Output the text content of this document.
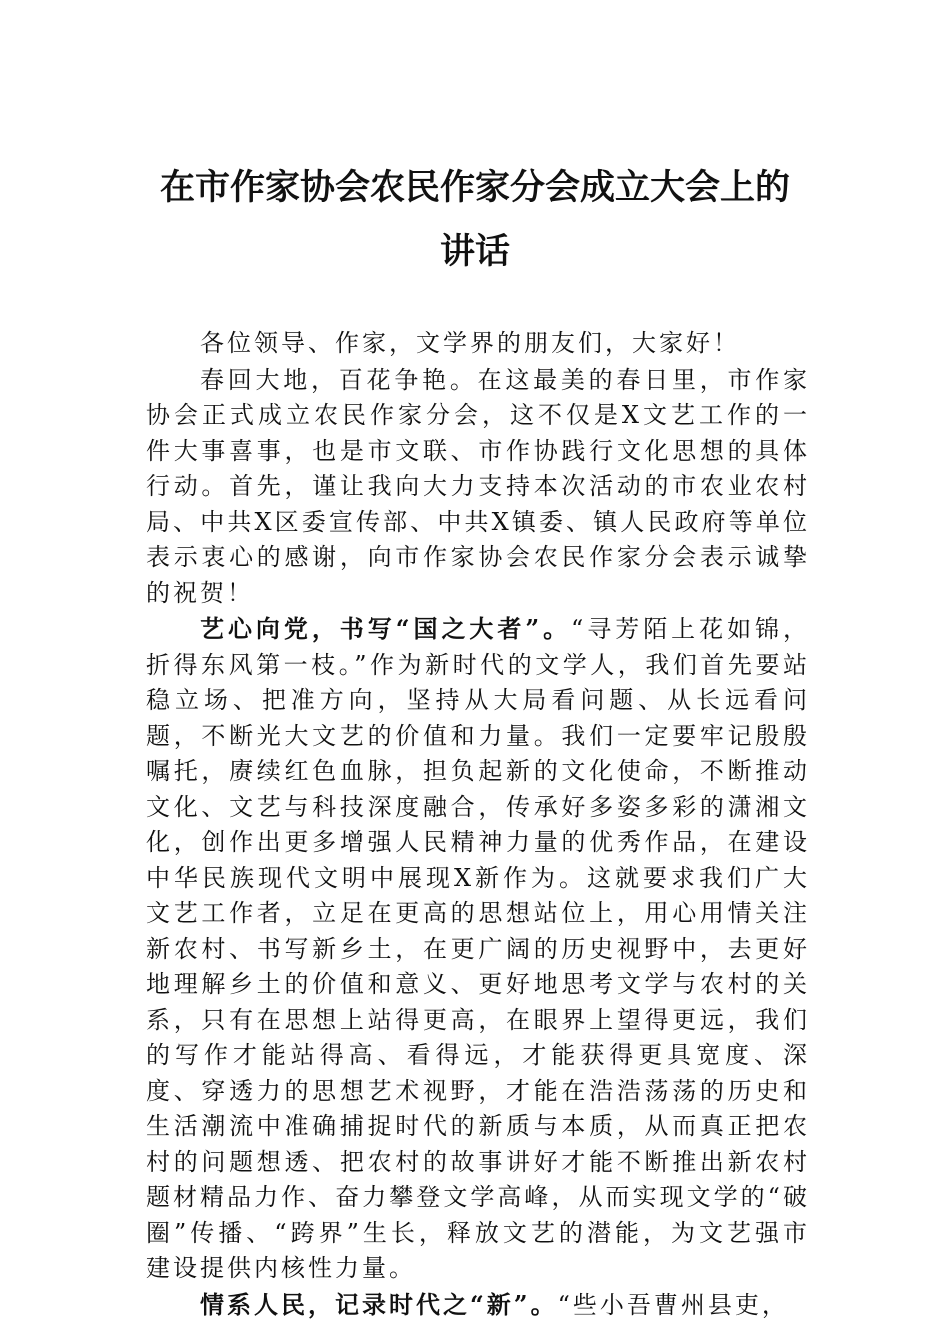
在市作家协会农民作家分会成立大会上的
讲话

各位领导、作家，文学界的朋友们，大家好！

春回大地，百花争艳。在这最美的春日里，市作家协会正式成立农民作家分会，这不仅是X文艺工作的一件大事喜事，也是市文联、市作协践行文化思想的具体行动。首先，谨让我向大力支持本次活动的市农业农村局、中共X区委宣传部、中共X镇委、镇人民政府等单位表示衷心的感谢，向市作家协会农民作家分会表示诚挚的祝贺！

艺心向党，书写“国之大者”。“寻芳陌上花如锦，折得东风第一枝。”作为新时代的文学人，我们首先要站稳立场、把准方向，坚持从大局看问题、从长远看问题，不断光大文艺的价值和力量。我们一定要牢记殷殷嘱托，赓续红色血脉，担负起新的文化使命，不断推动文化、文艺与科技深度融合，传承好多姿多彩的潇湘文化，创作出更多增强人民精神力量的优秀作品，在建设中华民族现代文明中展现X新作为。这就要求我们广大文艺工作者，立足在更高的思想站位上，用心用情关注新农村、书写新乡土，在更广阔的历史视野中，去更好地理解乡土的价值和意义、更好地思考文学与农村的关系，只有在思想上站得更高，在眼界上望得更远，我们的写作才能站得高、看得远，才能获得更具宽度、深度、穿透力的思想艺术视野，才能在浩浩荡荡的历史和生活潮流中准确捕捉时代的新质与本质，从而真正把农村的问题想透、把农村的故事讲好才能不断推出新农村题材精品力作、奋力攀登文学高峰，从而实现文学的“破圈”传播、“跨界”生长，释放文艺的潜能，为文艺强市建设提供内核性力量。

情系人民，记录时代之“新”。“些小吾曹州县吏，
